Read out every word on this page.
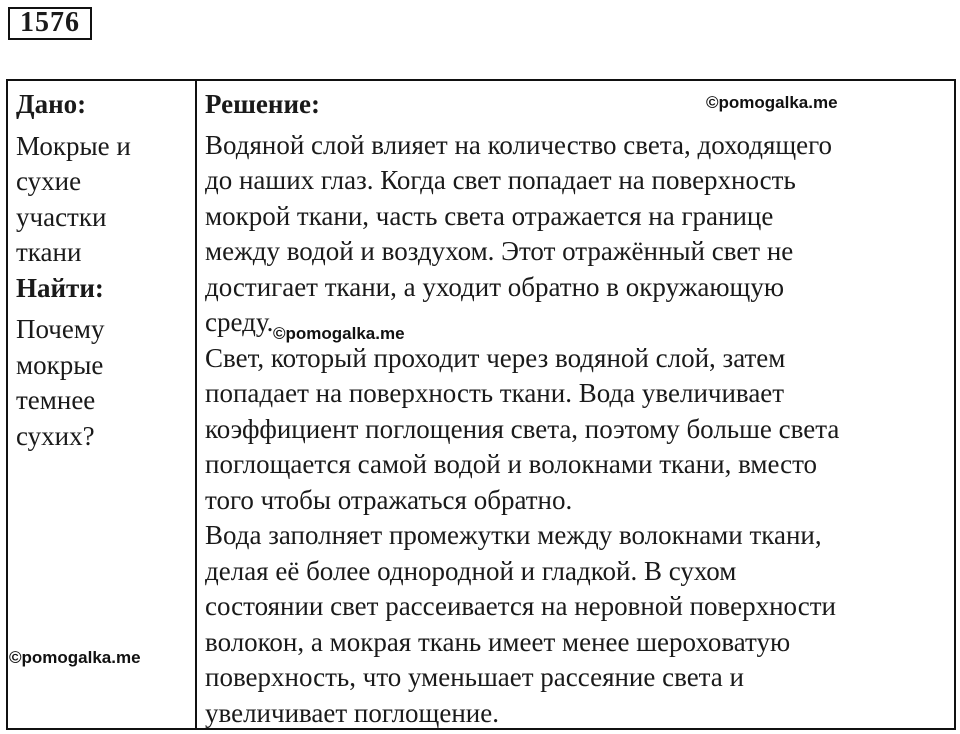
1576

Дано:

Мокрые и

сухие

участки

ткани

Найти:

Почему

мокрые

темнее

сухих?

Решение:

Водяной слой влияет на количество света, доходящего

до наших глаз. Когда свет попадает на поверхность

мокрой ткани, часть света отражается на границе

между водой и воздухом. Этот отражённый свет не

достигает ткани, а уходит обратно в окружающую

среду.

Свет, который проходит через водяной слой, затем

попадает на поверхность ткани. Вода увеличивает

коэффициент поглощения света, поэтому больше света

поглощается самой водой и волокнами ткани, вместо

того чтобы отражаться обратно.

Вода заполняет промежутки между волокнами ткани,

делая её более однородной и гладкой. В сухом

состоянии свет рассеивается на неровной поверхности

волокон, а мокрая ткань имеет менее шероховатую

поверхность, что уменьшает рассеяние света и

увеличивает поглощение.

©pomogalka.me
©pomogalka.me
©pomogalka.me
